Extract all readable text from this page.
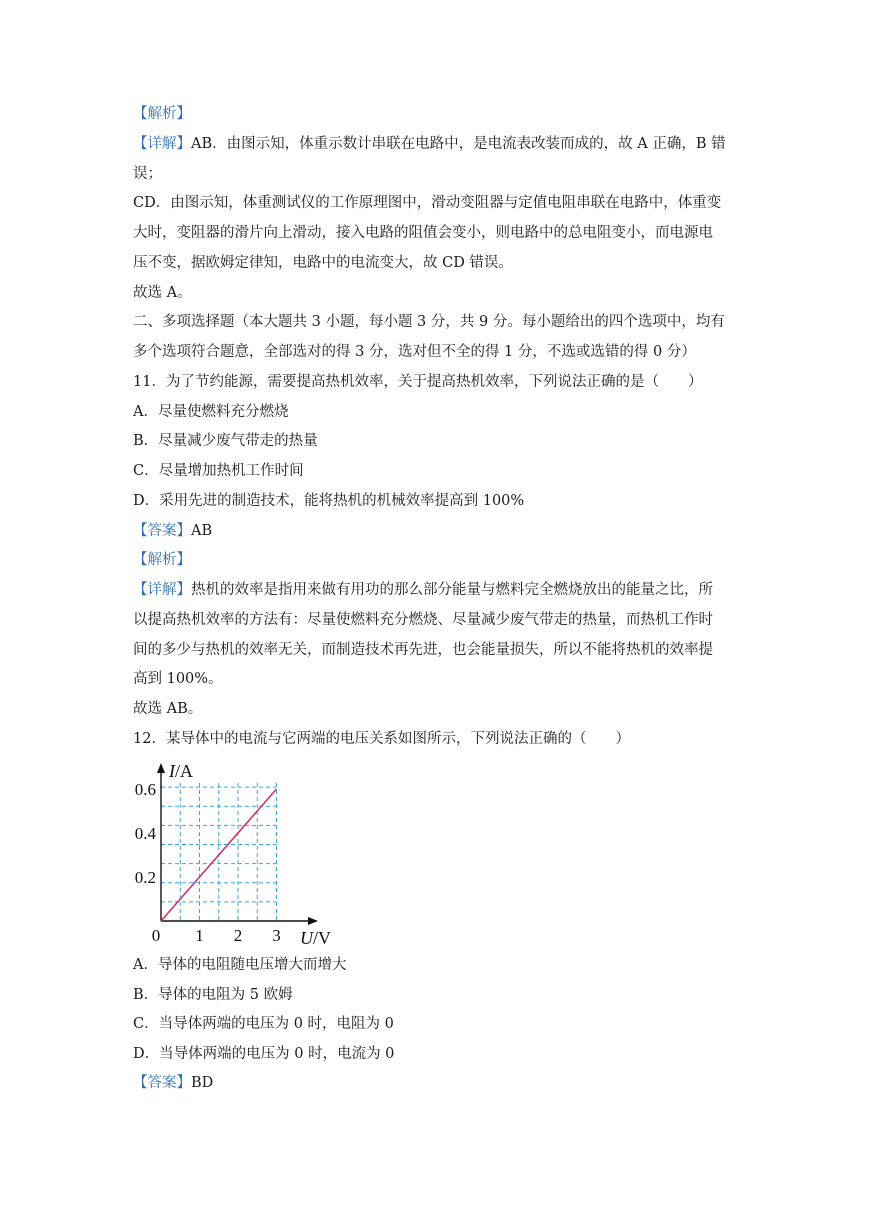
【解析】
【详解】AB．由图示知，体重示数计串联在电路中，是电流表改装而成的，故 A 正确，B 错
误；
CD．由图示知，体重测试仪的工作原理图中，滑动变阻器与定值电阻串联在电路中，体重变
大时，变阻器的滑片向上滑动，接入电路的阻值会变小，则电路中的总电阻变小，而电源电
压不变，据欧姆定律知，电路中的电流变大，故 CD 错误。
故选 A。
二、多项选择题（本大题共 3 小题，每小题 3 分，共 9 分。每小题给出的四个选项中，均有
多个选项符合题意，全部选对的得 3 分，选对但不全的得 1 分，不选或选错的得 0 分）
11．为了节约能源，需要提高热机效率，关于提高热机效率，下列说法正确的是（　　）
A．尽量使燃料充分燃烧
B．尽量减少废气带走的热量
C．尽量增加热机工作时间
D．采用先进的制造技术，能将热机的机械效率提高到 100%
【答案】AB
【解析】
【详解】热机的效率是指用来做有用功的那么部分能量与燃料完全燃烧放出的能量之比，所
以提高热机效率的方法有：尽量使燃料充分燃烧、尽量减少废气带走的热量，而热机工作时
间的多少与热机的效率无关，而制造技术再先进，也会能量损失，所以不能将热机的效率提
高到 100%。
故选 AB。
12．某导体中的电流与它两端的电压关系如图所示，下列说法正确的（　　）
1 2 3
0.2
0.4
0.6
0
I/A
U/V
A．导体的电阻随电压增大而增大
B．导体的电阻为 5 欧姆
C．当导体两端的电压为 0 时，电阻为 0
D．当导体两端的电压为 0 时，电流为 0
【答案】BD
